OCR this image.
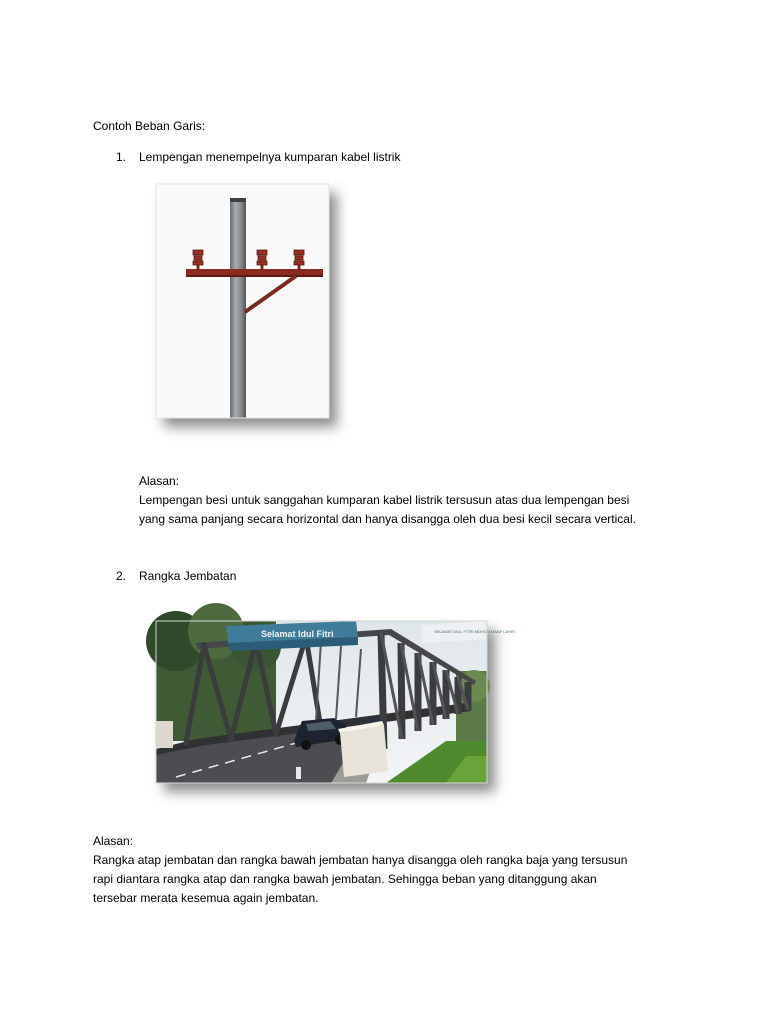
Contoh Beban Garis:
1. Lempengan menempelnya kumparan kabel listrik
Alasan:
Lempengan besi untuk sanggahan kumparan kabel listrik tersusun atas dua lempengan besi
yang sama panjang secara horizontal dan hanya disangga oleh dua besi kecil secara vertical.
2. Rangka Jembatan
Selamat Idul Fitri	SELAMAT IDUL FITRI MOHON MAAF LAHIR
Alasan:
Rangka atap jembatan dan rangka bawah jembatan hanya disangga oleh rangka baja yang tersusun
rapi diantara rangka atap dan rangka bawah jembatan. Sehingga beban yang ditanggung akan
tersebar merata kesemua again jembatan.
